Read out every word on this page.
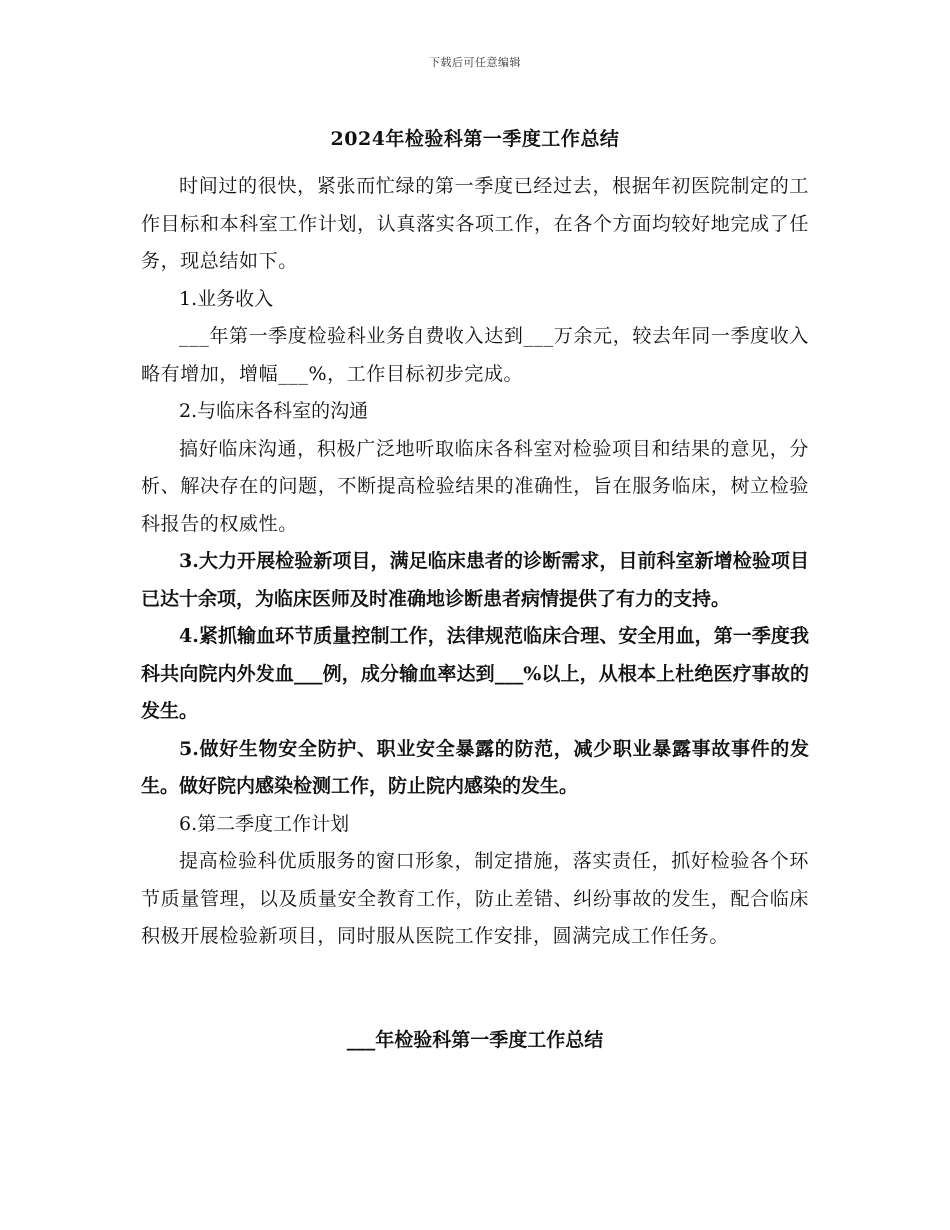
下载后可任意编辑
2024年检验科第一季度工作总结

时间过的很快，紧张而忙绿的第一季度已经过去，根据年初医院制定的工作目标和本科室工作计划，认真落实各项工作，在各个方面均较好地完成了任务，现总结如下。

1.业务收入

___年第一季度检验科业务自费收入达到___万余元，较去年同一季度收入略有增加，增幅___%，工作目标初步完成。

2.与临床各科室的沟通

搞好临床沟通，积极广泛地听取临床各科室对检验项目和结果的意见，分析、解决存在的问题，不断提高检验结果的准确性，旨在服务临床，树立检验科报告的权威性。

3.大力开展检验新项目，满足临床患者的诊断需求，目前科室新增检验项目已达十余项，为临床医师及时准确地诊断患者病情提供了有力的支持。

4.紧抓输血环节质量控制工作，法律规范临床合理、安全用血，第一季度我科共向院内外发血___例，成分输血率达到___%以上，从根本上杜绝医疗事故的发生。

5.做好生物安全防护、职业安全暴露的防范，减少职业暴露事故事件的发生。做好院内感染检测工作，防止院内感染的发生。

6.第二季度工作计划

提高检验科优质服务的窗口形象，制定措施，落实责任，抓好检验各个环节质量管理，以及质量安全教育工作，防止差错、纠纷事故的发生，配合临床积极开展检验新项目，同时服从医院工作安排，圆满完成工作任务。

___年检验科第一季度工作总结
